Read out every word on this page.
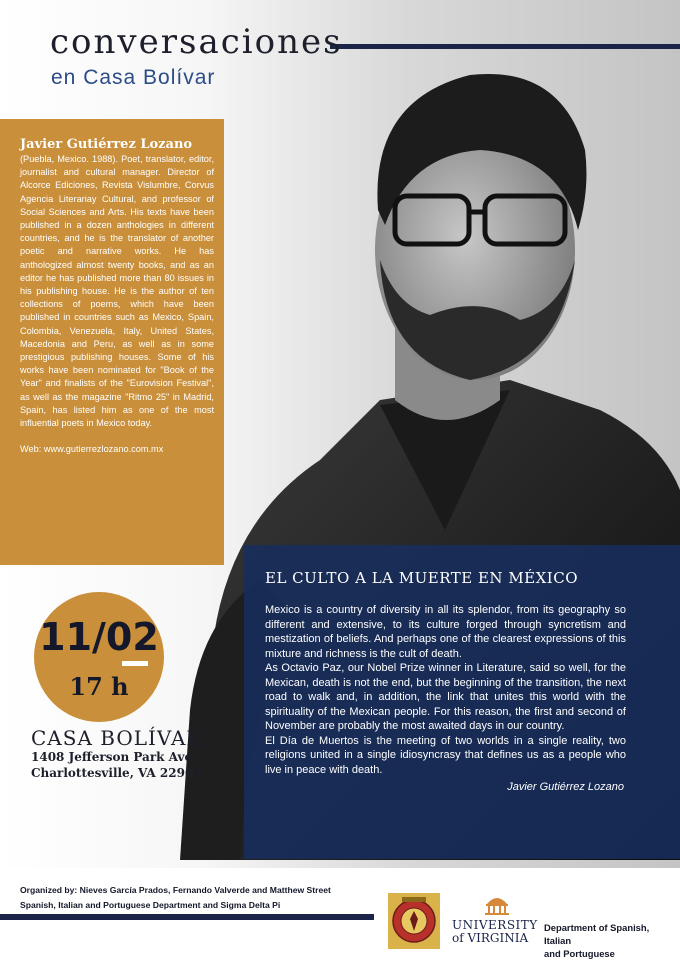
conversaciones
en Casa Bolívar
Javier Gutiérrez Lozano
(Puebla, Mexico. 1988). Poet, translator, editor, journalist and cultural manager. Director of Alcorce Ediciones, Revista Vislumbre, Corvus Agencia Literariay Cultural, and professor of Social Sciences and Arts. His texts have been published in a dozen anthologies in different countries, and he is the translator of another poetic and narrative works. He has anthologized almost twenty books, and as an editor he has published more than 80 issues in his publishing house. He is the author of ten collections of poems, which have been published in countries such as Mexico, Spain, Colombia, Venezuela, Italy, United States, Macedonia and Peru, as well as in some prestigious publishing houses. Some of his works have been nominated for "Book of the Year" and finalists of the "Eurovision Festival", as well as the magazine "Ritmo 25" in Madrid, Spain, has listed him as one of the most influential poets in Mexico today.
Web: www.gutierrezlozano.com.mx
11/02
17 h
CASA BOLÍVAR,
1408 Jefferson Park Ave,
Charlottesville, VA 22903
EL CULTO A LA MUERTE EN MÉXICO

Mexico is a country of diversity in all its splendor, from its geography so different and extensive, to its culture forged through syncretism and mestization of beliefs. And perhaps one of the clearest expressions of this mixture and richness is the cult of death.

As Octavio Paz, our Nobel Prize winner in Literature, said so well, for the Mexican, death is not the end, but the beginning of the transition, the next road to walk and, in addition, the link that unites this world with the spirituality of the Mexican people. For this reason, the first and second of November are probably the most awaited days in our country.

El Día de Muertos is the meeting of two worlds in a single reality, two religions united in a single idiosyncrasy that defines us as a people who live in peace with death.

Javier Gutiérrez Lozano
Organized by: Nieves García Prados, Fernando Valverde and Matthew Street
Spanish, Italian and Portuguese Department and Sigma Delta Pi
UNIVERSITY
of VIRGINIA
Department of Spanish, Italian
and Portuguese
